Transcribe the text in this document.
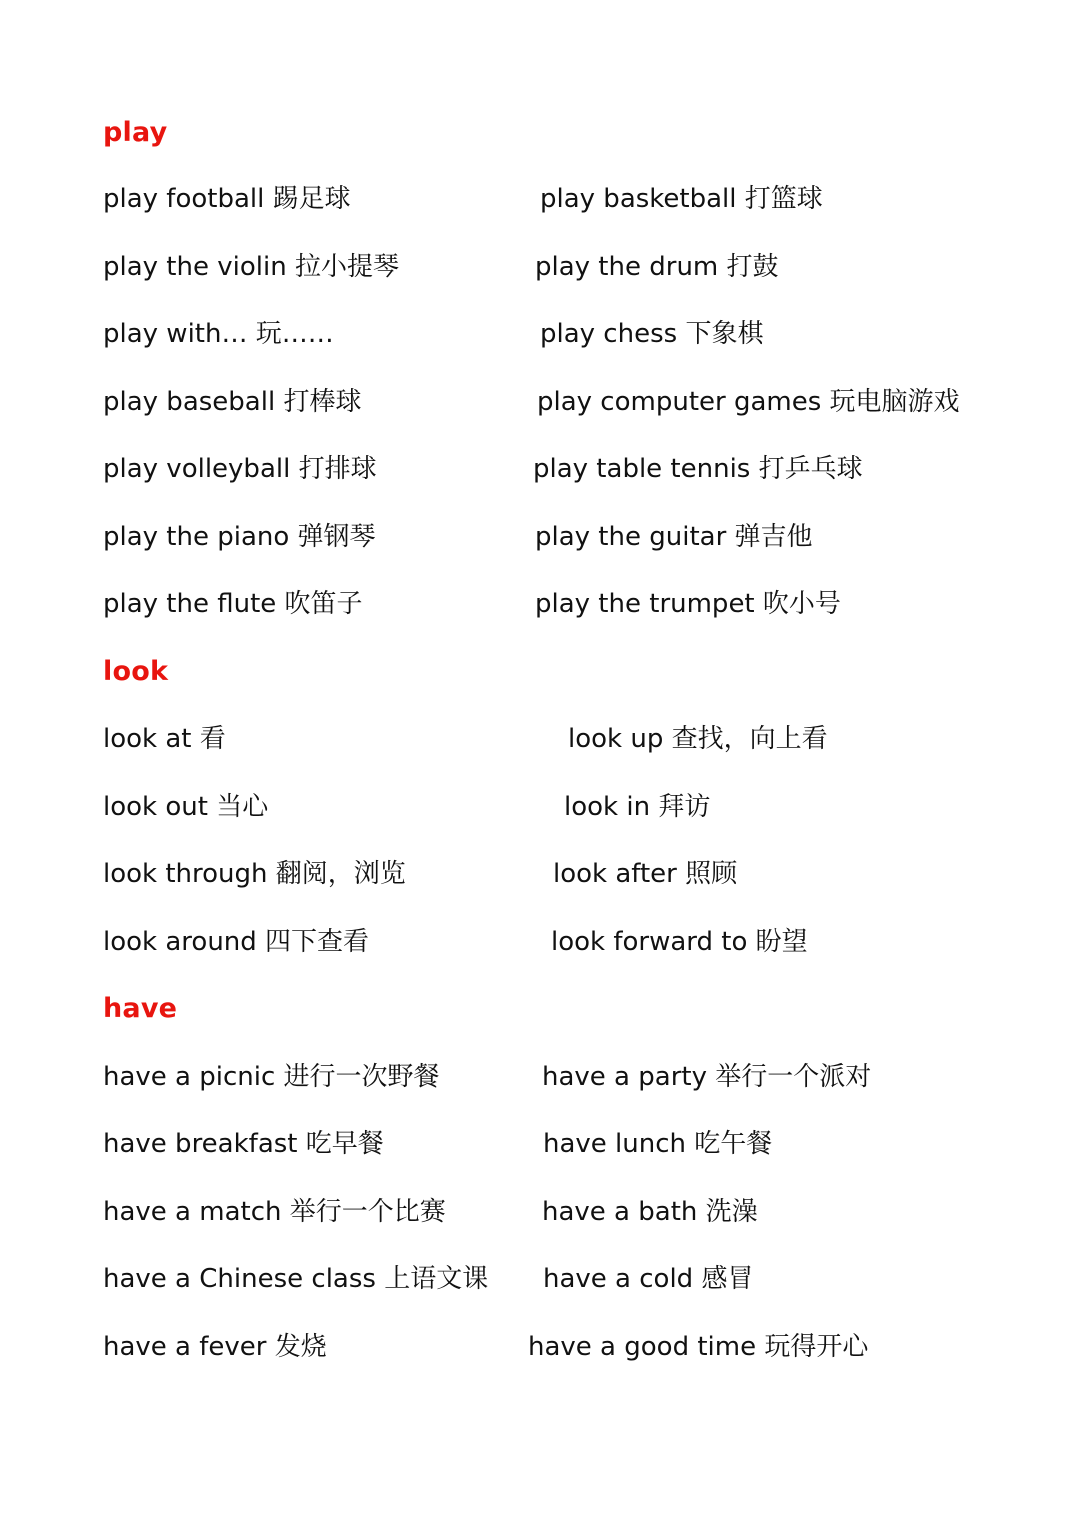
play
play football 踢足球	play basketball 打篮球
play the violin 拉小提琴	play the drum 打鼓
play with… 玩……	play chess 下象棋
play baseball 打棒球	play computer games 玩电脑游戏
play volleyball 打排球	play table tennis 打乒乓球
play the piano 弹钢琴	play the guitar 弹吉他
play the flute 吹笛子	play the trumpet 吹小号
look
look at 看	look up 查找，向上看
look out 当心	look in 拜访
look through 翻阅，浏览	look after 照顾
look around 四下查看	look forward to 盼望
have
have a picnic 进行一次野餐	have a party 举行一个派对
have breakfast 吃早餐	have lunch 吃午餐
have a match 举行一个比赛	have a bath 洗澡
have a Chinese class 上语文课 have a cold 感冒
have a fever 发烧	have a good time 玩得开心
